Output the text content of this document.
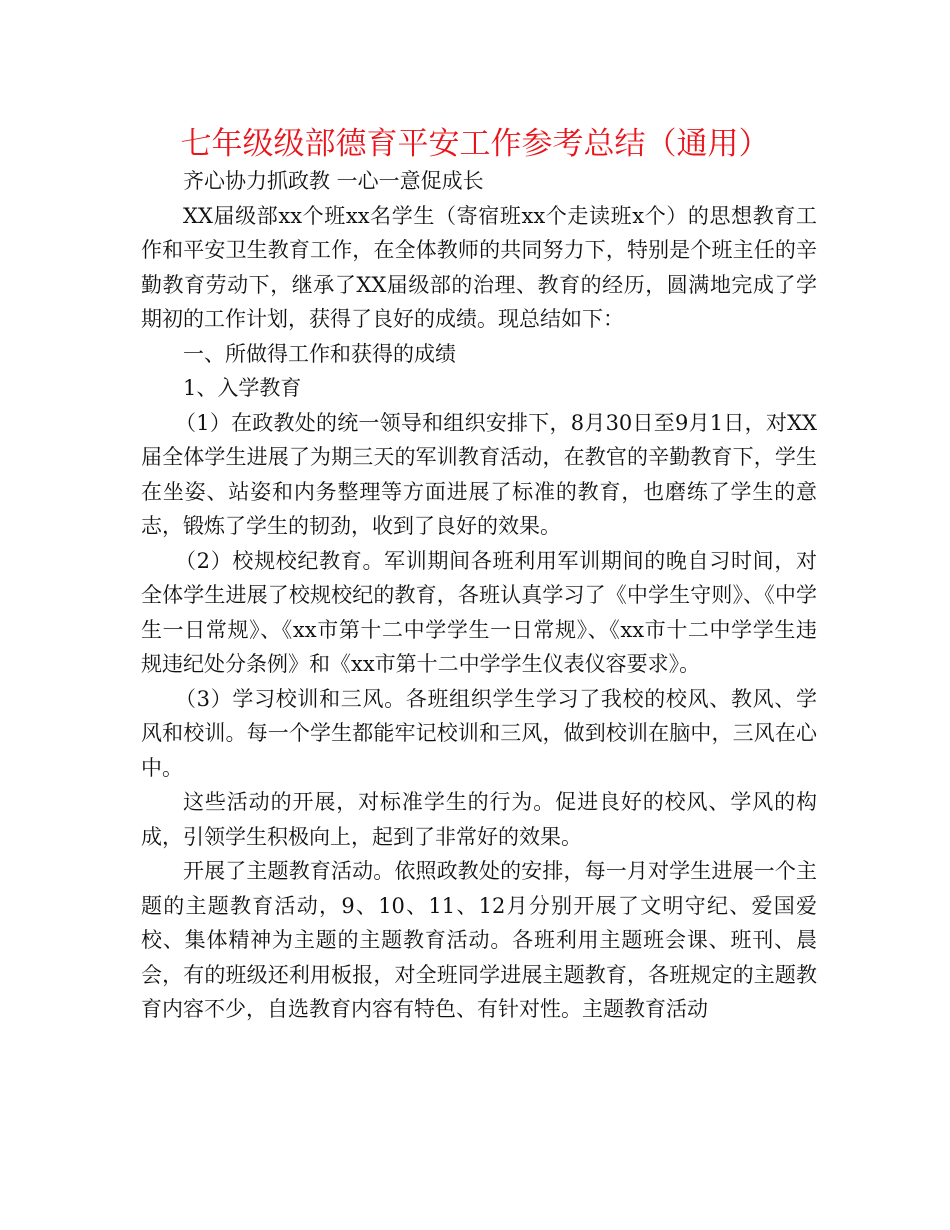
七年级级部德育平安工作参考总结（通用）

齐心协力抓政教 一心一意促成长

XX届级部xx个班xx名学生（寄宿班xx个走读班x个）的思想教育工作和平安卫生教育工作，在全体教师的共同努力下，特别是个班主任的辛勤教育劳动下，继承了XX届级部的治理、教育的经历，圆满地完成了学期初的工作计划，获得了良好的成绩。现总结如下：

一、所做得工作和获得的成绩

1、入学教育

（1）在政教处的统一领导和组织安排下，8月30日至9月1日，对XX届全体学生进展了为期三天的军训教育活动，在教官的辛勤教育下，学生在坐姿、站姿和内务整理等方面进展了标准的教育，也磨练了学生的意志，锻炼了学生的韧劲，收到了良好的效果。

（2）校规校纪教育。军训期间各班利用军训期间的晚自习时间，对全体学生进展了校规校纪的教育，各班认真学习了《中学生守则》、《中学生一日常规》、《xx市第十二中学学生一日常规》、《xx市十二中学学生违规违纪处分条例》和《xx市第十二中学学生仪表仪容要求》。

（3）学习校训和三风。各班组织学生学习了我校的校风、教风、学风和校训。每一个学生都能牢记校训和三风，做到校训在脑中，三风在心中。

这些活动的开展，对标准学生的行为。促进良好的校风、学风的构成，引领学生积极向上，起到了非常好的效果。

开展了主题教育活动。依照政教处的安排，每一月对学生进展一个主题的主题教育活动，9、10、11、12月分别开展了文明守纪、爱国爱校、集体精神为主题的主题教育活动。各班利用主题班会课、班刊、晨会，有的班级还利用板报，对全班同学进展主题教育，各班规定的主题教育内容不少，自选教育内容有特色、有针对性。主题教育活动
